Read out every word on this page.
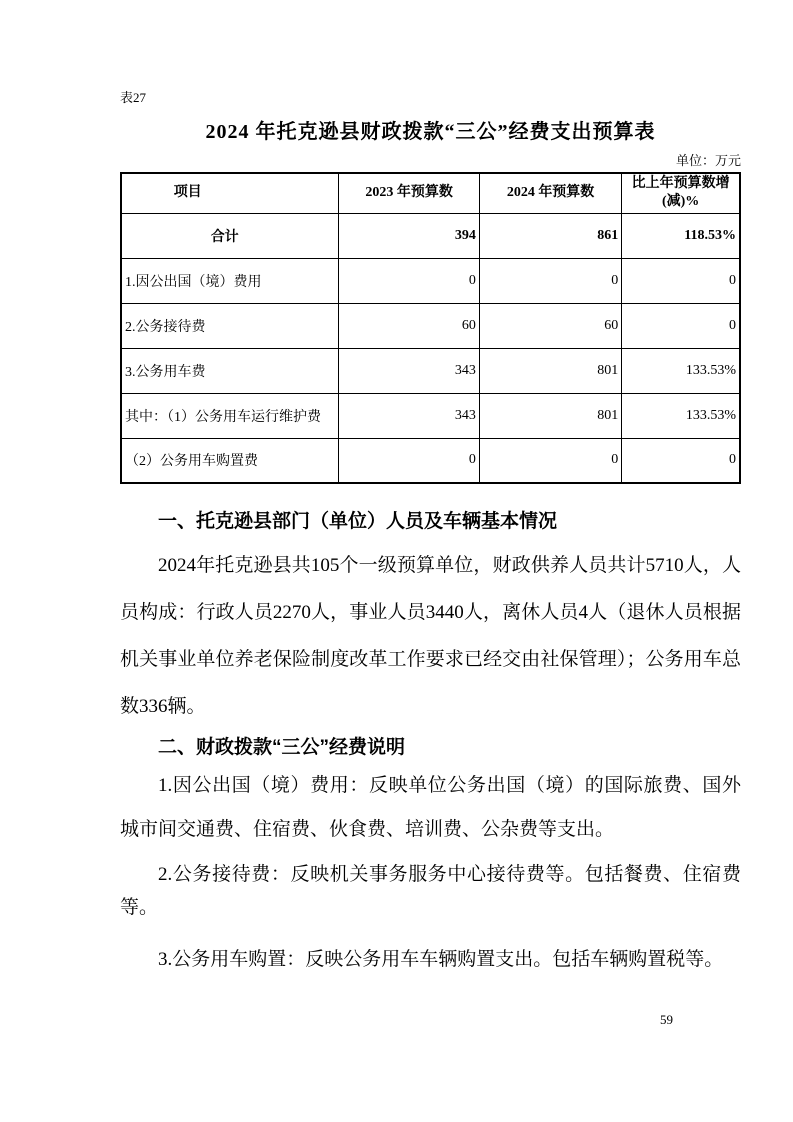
表27
2024 年托克逊县财政拨款“三公”经费支出预算表
单位：万元
项目	2023 年预算数	2024 年预算数	比上年预算数增(减)%
合计	394	861	118.53%
1.因公出国（境）费用	0	0	0
2.公务接待费	60	60	0
3.公务用车费	343	801	133.53%
其中：（1）公务用车运行维护费	343	801	133.53%
（2）公务用车购置费	0	0	0
一、托克逊县部门（单位）人员及车辆基本情况

2024年托克逊县共105个一级预算单位，财政供养人员共计5710人，人员构成：行政人员2270人，事业人员3440人，离休人员4人（退休人员根据机关事业单位养老保险制度改革工作要求已经交由社保管理）；公务用车总数336辆。

二、财政拨款“三公”经费说明

1.因公出国（境）费用：反映单位公务出国（境）的国际旅费、国外城市间交通费、住宿费、伙食费、培训费、公杂费等支出。

2.公务接待费：反映机关事务服务中心接待费等。包括餐费、住宿费等。

3.公务用车购置：反映公务用车车辆购置支出。包括车辆购置税等。

59
